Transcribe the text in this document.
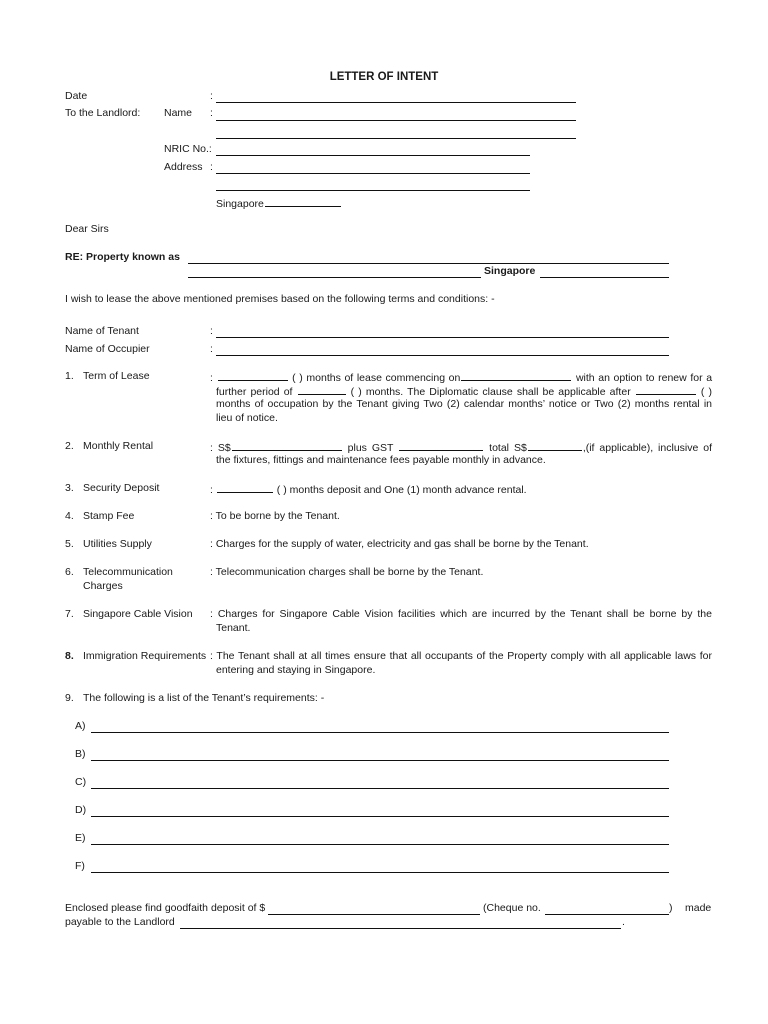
LETTER OF INTENT
Date	:
To the Landlord: Name :
NRIC No.:
Address :
Singapore
Dear Sirs
RE: Property known as
Singapore
I wish to lease the above mentioned premises based on the following terms and conditions: -
Name of Tenant	:
Name of Occupier	:
1. Term of Lease	:	( ) months of lease commencing on	with an option to renew for a
further period of	( ) months. The Diplomatic clause shall be applicable after	( )
months of occupation by the Tenant giving Two (2) calendar months’ notice or Two (2) months rental in
lieu of notice.
2. Monthly Rental	: S$	plus GST	total S$	,(if applicable), inclusive of
the fixtures, fittings and maintenance fees payable monthly in advance.
3. Security Deposit	:	( ) months deposit and One (1) month advance rental.
4. Stamp Fee	: To be borne by the Tenant.
5. Utilities Supply	: Charges for the supply of water, electricity and gas shall be borne by the Tenant.
6. Telecommunication
Charges
: Telecommunication charges shall be borne by the Tenant.
7. Singapore Cable Vision : Charges for Singapore Cable Vision facilities which are incurred by the Tenant shall be borne by the
Tenant.
8. Immigration Requirements : The Tenant shall at all times ensure that all occupants of the Property comply with all applicable laws for
entering and staying in Singapore.
9. The following is a list of the Tenant’s requirements: -
A)
B)
C)
D)
E)
F)
Enclosed please find goodfaith deposit of $	(Cheque no.	) made
payable to the Landlord	.
